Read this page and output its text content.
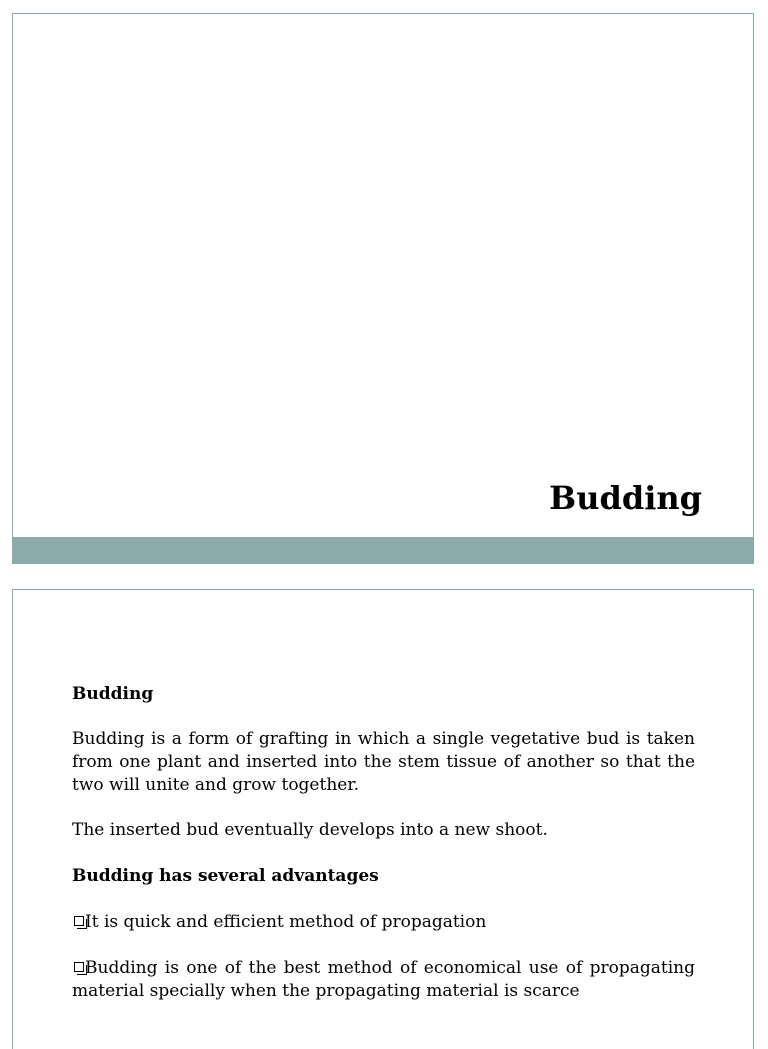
Budding

Budding

Budding is a form of grafting in which a single vegetative bud is taken from one plant and inserted into the stem tissue of another so that the two will unite and grow together.

The inserted bud eventually develops into a new shoot.

Budding has several advantages

It is quick and efficient method of propagation

Budding is one of the best method of economical use of propagating material specially when the propagating material is scarce
